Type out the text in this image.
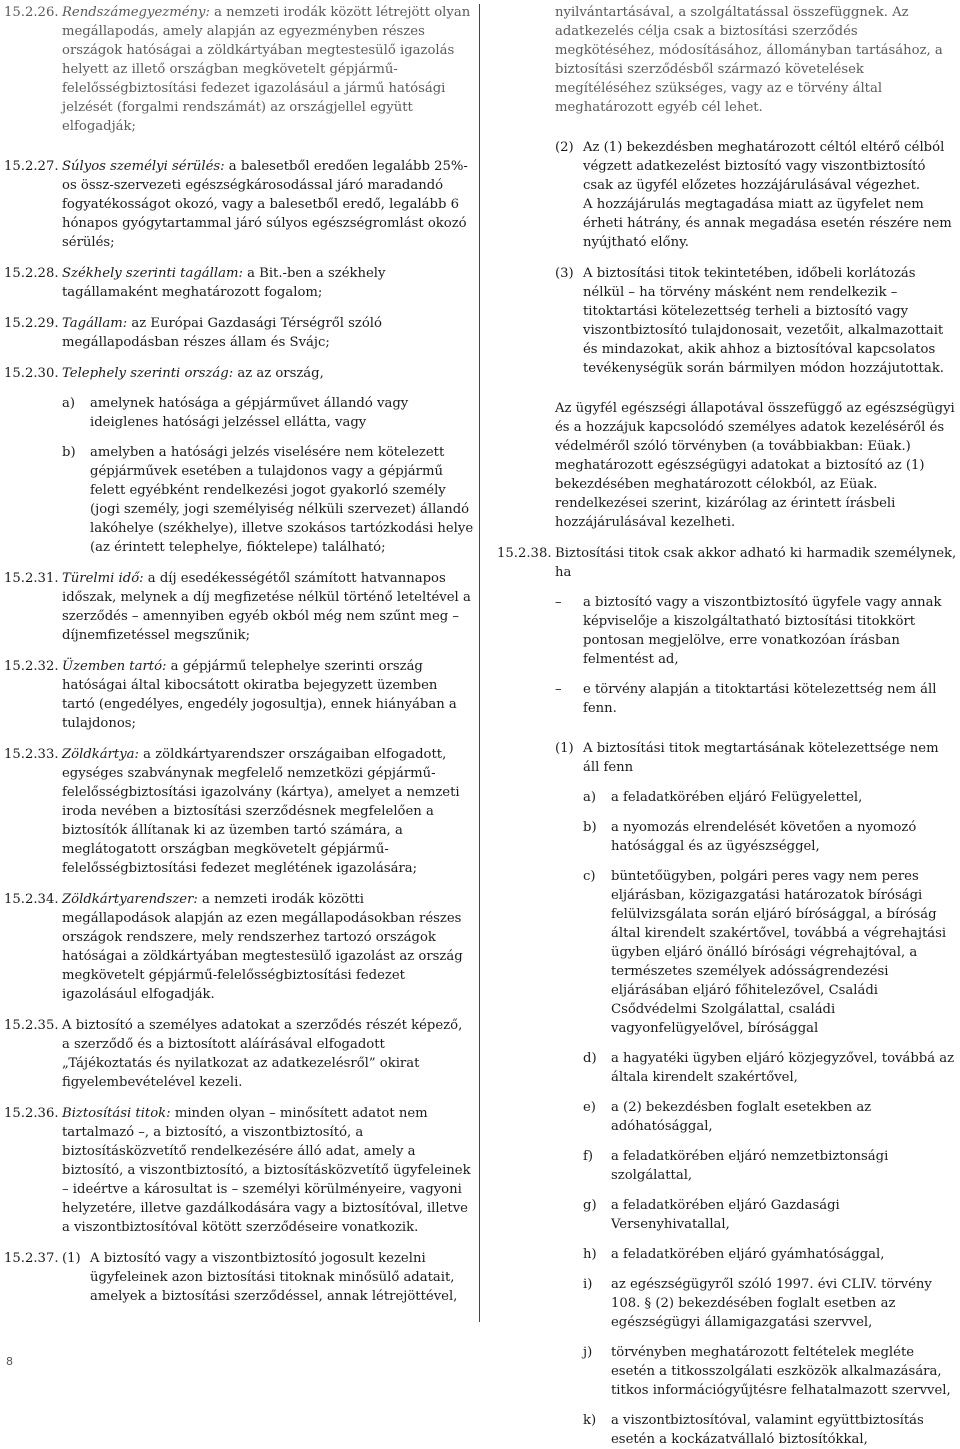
15.2.26. Rendszámegyezmény: a nemzeti irodák között létrejött olyan megállapodás, amely alapján az egyezményben részes országok hatóságai a zöldkártyában megtestesülő igazolás helyett az illető országban megkövetelt gépjármű-felelősségbiztosítási fedezet igazolásául a jármű hatósági jelzését (forgalmi rendszámát) az országjellel együtt elfogadják;
15.2.27. Súlyos személyi sérülés: a balesetből eredően legalább 25%-os össz-szervezeti egészségkárosodással járó maradandó fogyatékosságot okozó, vagy a balesetből eredő, legalább 6 hónapos gyógytartammal járó súlyos egészségromlást okozó sérülés;
15.2.28. Székhely szerinti tagállam: a Bit.-ben a székhely tagállamaként meghatározott fogalom;
15.2.29. Tagállam: az Európai Gazdasági Térségről szóló megállapodásban részes állam és Svájc;
15.2.30. Telephely szerinti ország: az az ország,
a)	amelynek hatósága a gépjárművet állandó vagy ideiglenes hatósági jelzéssel ellátta, vagy
b)	amelyben a hatósági jelzés viselésére nem kötelezett gépjárművek esetében a tulajdonos vagy a gépjármű felett egyébként rendelkezési jogot gyakorló személy (jogi személy, jogi személyiség nélküli szervezet) állandó lakóhelye (székhelye), illetve szokásos tartózkodási helye (az érintett telephelye, fióktelepe) található;
15.2.31. Türelmi idő: a díj esedékességétől számított hatvannapos időszak, melynek a díj megfizetése nélkül történő leteltével a szerződés – amennyiben egyéb okból még nem szűnt meg – díjnemfizetéssel megszűnik;
15.2.32. Üzemben tartó: a gépjármű telephelye szerinti ország hatóságai által kibocsátott okiratba bejegyzett üzemben tartó (engedélyes, engedély jogosultja), ennek hiányában a tulajdonos;
15.2.33. Zöldkártya: a zöldkártyarendszer országaiban elfogadott, egységes szabványnak megfelelő nemzetközi gépjármű-felelősségbiztosítási igazolvány (kártya), amelyet a nemzeti iroda nevében a biztosítási szerződésnek megfelelően a biztosítók állítanak ki az üzemben tartó számára, a meglátogatott országban megkövetelt gépjármű-felelősségbiztosítási fedezet meglétének igazolására;
15.2.34. Zöldkártyarendszer: a nemzeti irodák közötti megállapodások alapján az ezen megállapodásokban részes országok rendszere, mely rendszerhez tartozó országok hatóságai a zöldkártyában megtestesülő igazolást az ország megkövetelt gépjármű-felelősségbiztosítási fedezet igazolásául elfogadják.
15.2.35. A biztosító a személyes adatokat a szerződés részét képező, a szerződő és a biztosított aláírásával elfogadott „Tájékoztatás és nyilatkozat az adatkezelésről” okirat figyelembevételével kezeli.
15.2.36. Biztosítási titok: minden olyan – minősített adatot nem tartalmazó –, a biztosító, a viszontbiztosító, a biztosításközvetítő rendelkezésére álló adat, amely a biztosító, a viszontbiztosító, a biztosításközvetítő ügyfeleinek – ideértve a károsultat is – személyi körülményeire, vagyoni helyzetére, illetve gazdálkodására vagy a biztosítóval, illetve a viszontbiztosítóval kötött szerződéseire vonatkozik.
15.2.37. (1) A biztosító vagy a viszontbiztosító jogosult kezelni ügyfeleinek azon biztosítási titoknak minősülő adatait, amelyek a biztosítási szerződéssel, annak létrejöttével,
nyilvántartásával, a szolgáltatással összefüggnek. Az adatkezelés célja csak a biztosítási szerződés megkötéséhez, módosításához, állományban tartásához, a biztosítási szerződésből származó követelések megítéléséhez szükséges, vagy az e törvény által meghatározott egyéb cél lehet.
(2) Az (1) bekezdésben meghatározott céltól eltérő célból végzett adatkezelést biztosító vagy viszontbiztosító csak az ügyfél előzetes hozzájárulásával végezhet.
A hozzájárulás megtagadása miatt az ügyfelet nem érheti hátrány, és annak megadása esetén részére nem nyújtható előny.
(3) A biztosítási titok tekintetében, időbeli korlátozás nélkül – ha törvény másként nem rendelkezik – titoktartási kötelezettség terheli a biztosító vagy viszontbiztosító tulajdonosait, vezetőit, alkalmazottait és mindazokat, akik ahhoz a biztosítóval kapcsolatos tevékenységük során bármilyen módon hozzájutottak.
Az ügyfél egészségi állapotával összefüggő az egészségügyi és a hozzájuk kapcsolódó személyes adatok kezeléséről és védelméről szóló törvényben (a továbbiakban: Eüak.) meghatározott egészségügyi adatokat a biztosító az (1) bekezdésében meghatározott célokból, az Eüak. rendelkezései szerint, kizárólag az érintett írásbeli hozzájárulásával kezelheti.
15.2.38. Biztosítási titok csak akkor adható ki harmadik személynek, ha
–	a biztosító vagy a viszontbiztosító ügyfele vagy annak képviselője a kiszolgáltatható biztosítási titokkört pontosan megjelölve, erre vonatkozóan írásban felmentést ad,
–	e törvény alapján a titoktartási kötelezettség nem áll fenn.
(1) A biztosítási titok megtartásának kötelezettsége nem áll fenn
a)	a feladatkörében eljáró Felügyelettel,
b)	a nyomozás elrendelését követően a nyomozó hatósággal és az ügyészséggel,
c)	büntetőügyben, polgári peres vagy nem peres eljárásban, közigazgatási határozatok bírósági felülvizsgálata során eljáró bírósággal, a bíróság által kirendelt szakértővel, továbbá a végrehajtási ügyben eljáró önálló bírósági végrehajtóval, a természetes személyek adósságrendezési eljárásában eljáró főhitelezővel, Családi Csődvédelmi Szolgálattal, családi vagyonfelügyelővel, bírósággal
d)	a hagyatéki ügyben eljáró közjegyzővel, továbbá az általa kirendelt szakértővel,
e)	a (2) bekezdésben foglalt esetekben az adóhatósággal,
f)	a feladatkörében eljáró nemzetbiztonsági szolgálattal,
g)	a feladatkörében eljáró Gazdasági Versenyhivatallal,
h)	a feladatkörében eljáró gyámhatósággal,
i)	az egészségügyről szóló 1997. évi CLIV. törvény 108. § (2) bekezdésében foglalt esetben az egészségügyi államigazgatási szervvel,
j)	törvényben meghatározott feltételek megléte esetén a titkosszolgálati eszközök alkalmazására, titkos információgyűjtésre felhatalmazott szervvel,
k)	a viszontbiztosítóval, valamint együttbiztosítás esetén a kockázatvállaló biztosítókkal,
8
